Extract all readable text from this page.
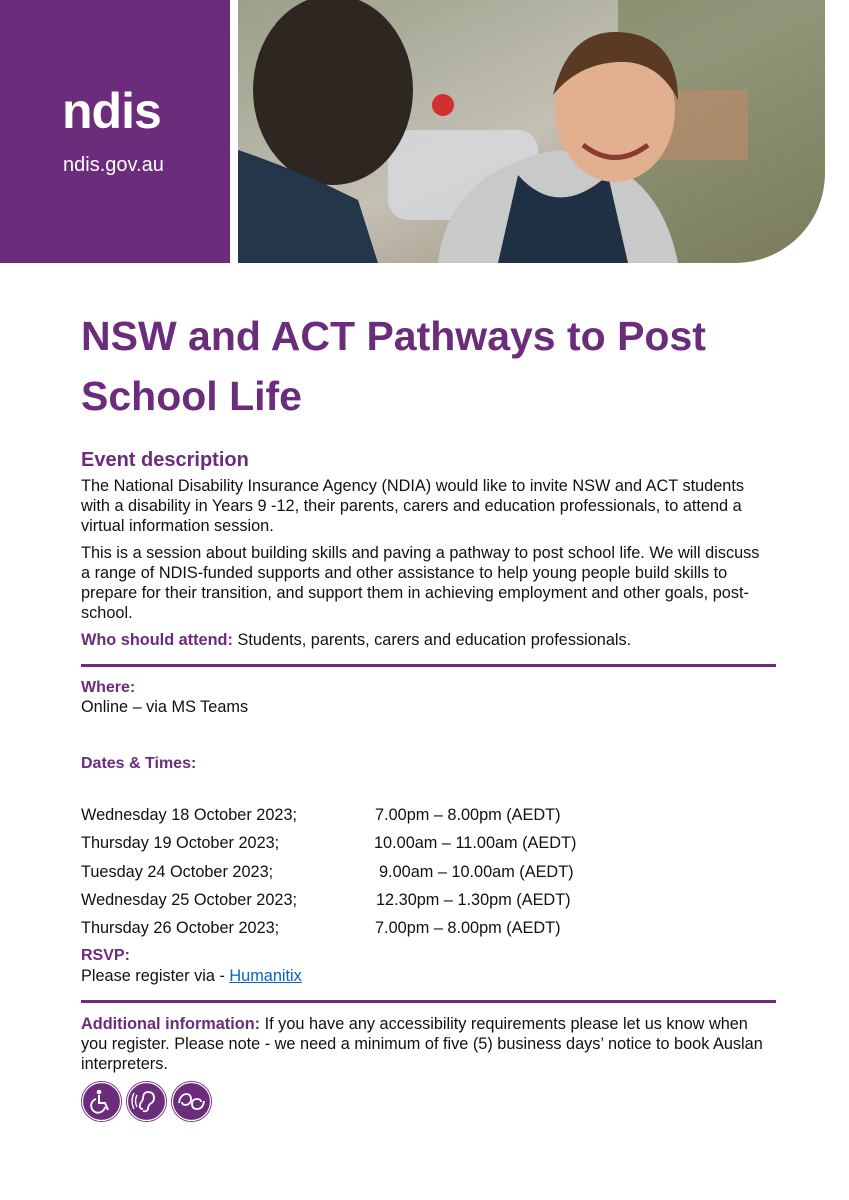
ndis
ndis.gov.au
NSW and ACT Pathways to Post School Life
Event description

The National Disability Insurance Agency (NDIA) would like to invite NSW and ACT students with a disability in Years 9 -12, their parents, carers and education professionals, to attend a virtual information session.

This is a session about building skills and paving a pathway to post school life. We will discuss a range of NDIS-funded supports and other assistance to help young people build skills to prepare for their transition, and support them in achieving employment and other goals, post-school.

Who should attend: Students, parents, carers and education professionals.

Where:
Online – via MS Teams
Dates & Times:
Wednesday 18 October 2023;	7.00pm – 8.00pm (AEDT)
Thursday 19 October 2023;	10.00am – 11.00am (AEDT)
Tuesday 24 October 2023;	9.00am – 10.00am (AEDT)
Wednesday 25 October 2023;	12.30pm – 1.30pm (AEDT)
Thursday 26 October 2023;	7.00pm – 8.00pm (AEDT)
RSVP:
Please register via - Humanitix

Additional information: If you have any accessibility requirements please let us know when you register. Please note - we need a minimum of five (5) business days’ notice to book Auslan interpreters.
